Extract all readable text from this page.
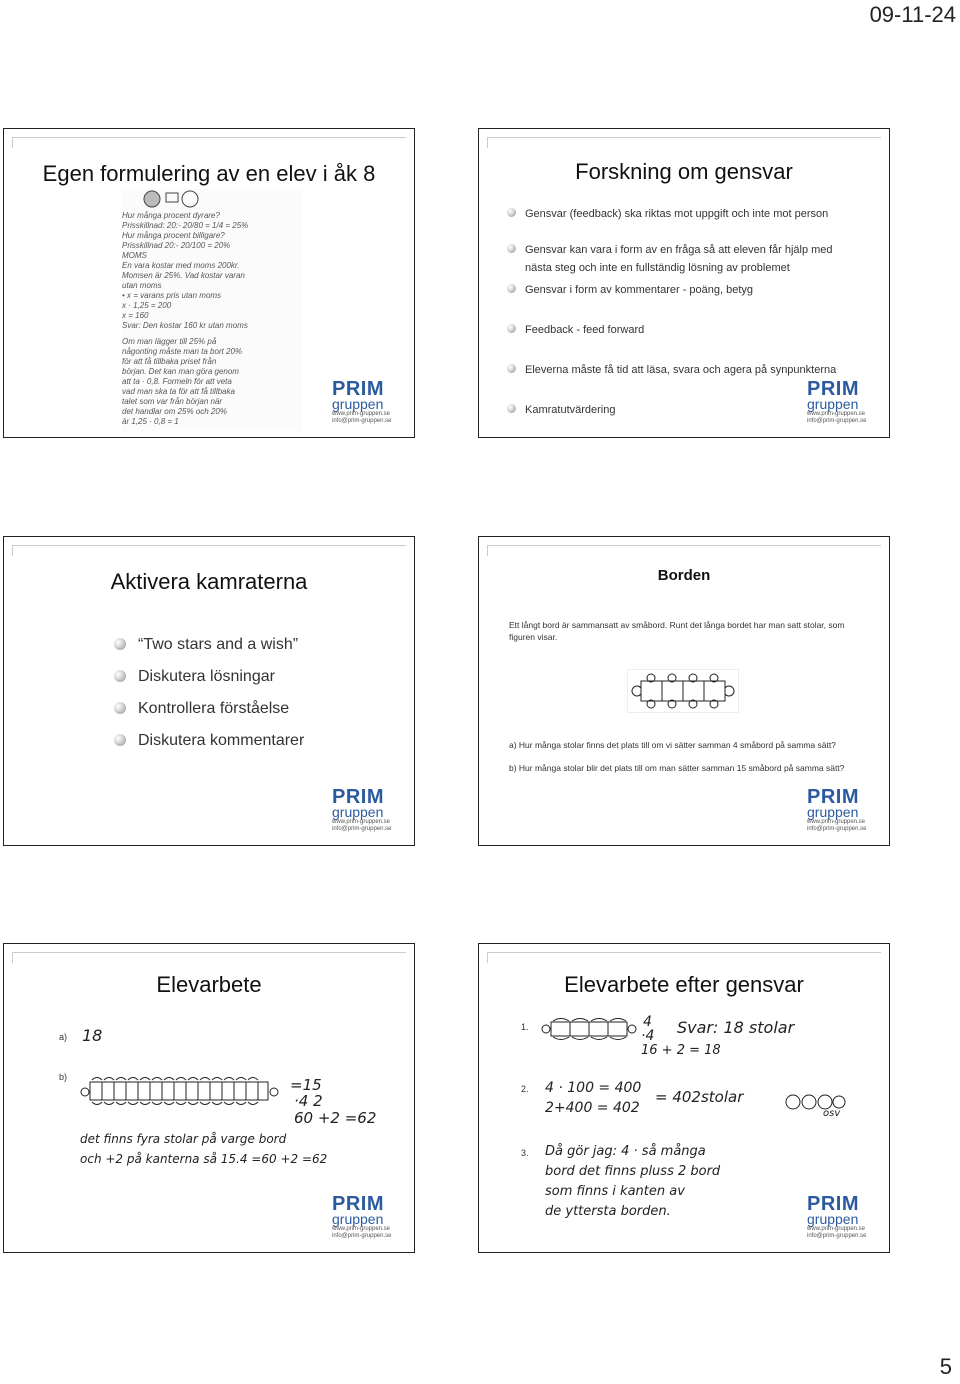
09-11-24
Egen formulering av en elev i åk 8
Hur många procent dyrare?
Prisskillnad: 20:- 20/80 = 1/4 = 25%
Hur många procent billigare?
Prisskillnad 20:- 20/100 = 20%
MOMS
En vara kostar med moms 200kr.
Momsen är 25%. Vad kostar varan
utan moms
• x = varans pris utan moms
x · 1,25 = 200
x = 160
Svar: Den kostar 160 kr utan moms
Om man lägger till 25% på
någonting måste man ta bort 20%
för att få tillbaka priset från
början. Det kan man göra genom
att ta · 0,8. Formeln för att veta
vad man ska ta för att få tillbaka
talet som var från början när
det handlar om 25% och 20%
är 1,25 · 0,8 = 1
PRIM
gruppen
www.prim-gruppen.se
info@prim-gruppen.se
Forskning om gensvar
Gensvar (feedback) ska riktas mot uppgift och inte mot person
Gensvar kan vara i form av en fråga så att eleven får hjälp med nästa steg och inte en fullständig lösning av problemet
Gensvar i form av kommentarer - poäng, betyg
Feedback - feed forward
Eleverna måste få tid att läsa, svara och agera på synpunkterna
Kamratutvärdering
PRIM
gruppen
www.prim-gruppen.se
info@prim-gruppen.se
Aktivera kamraterna
“Two stars and a wish”
Diskutera lösningar
Kontrollera förståelse
Diskutera kommentarer
PRIM
gruppen
www.prim-gruppen.se
info@prim-gruppen.se
Borden
Ett långt bord är sammansatt av småbord. Runt det långa bordet har man satt stolar, som figuren visar.
a) Hur många stolar finns det plats till om vi sätter samman 4 småbord på samma sätt?
b) Hur många stolar blir det plats till om man sätter samman 15 småbord på samma sätt?
PRIM
gruppen
www.prim-gruppen.se
info@prim-gruppen.se
Elevarbete
a) 18
b)	=15
·4 2
60 +2 =62
det finns fyra stolar på varge bord
och +2 på kanterna så 15.4 =60 +2 =62
PRIM
gruppen
www.prim-gruppen.se
info@prim-gruppen.se
Elevarbete efter gensvar
1.	4
·4
16 + 2 = 18
Svar: 18 stolar
2. 4 · 100 = 400
2+400 = 402
= 402stolar
osv
3. Då gör jag: 4 · så många
bord det finns pluss 2 bord
som finns i kanten av
de yttersta borden.	PRIM
gruppen
www.prim-gruppen.se
info@prim-gruppen.se
5
